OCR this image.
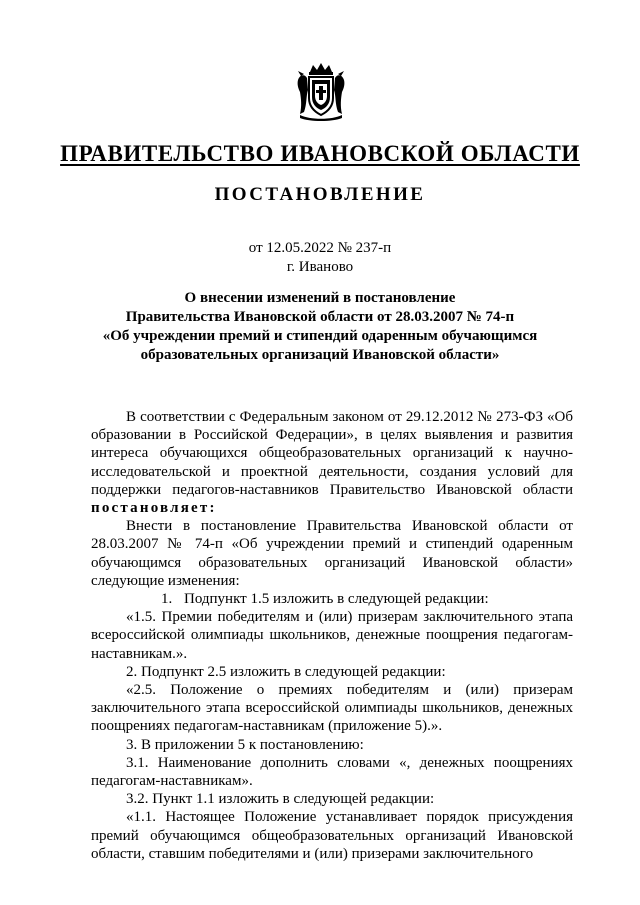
ПРАВИТЕЛЬСТВО ИВАНОВСКОЙ ОБЛАСТИ
ПОСТАНОВЛЕНИЕ
от 12.05.2022 № 237-п
г. Иваново
О внесении изменений в постановление
Правительства Ивановской области от 28.03.2007 № 74-п
«Об учреждении премий и стипендий одаренным обучающимся
образовательных организаций Ивановской области»

В соответствии с Федеральным законом от 29.12.2012 № 273-ФЗ «Об образовании в Российской Федерации», в целях выявления и развития интереса обучающихся общеобразовательных организаций к научно-исследовательской и проектной деятельности, создания условий для поддержки педагогов-наставников Правительство Ивановской области постановляет:

Внести в постановление Правительства Ивановской области от 28.03.2007 № 74-п «Об учреждении премий и стипендий одаренным обучающимся образовательных организаций Ивановской области» следующие изменения:

1. Подпункт 1.5 изложить в следующей редакции:

«1.5. Премии победителям и (или) призерам заключительного этапа всероссийской олимпиады школьников, денежные поощрения педагогам-наставникам.».

2. Подпункт 2.5 изложить в следующей редакции:

«2.5. Положение о премиях победителям и (или) призерам заключительного этапа всероссийской олимпиады школьников, денежных поощрениях педагогам-наставникам (приложение 5).».

3. В приложении 5 к постановлению:

3.1. Наименование дополнить словами «, денежных поощрениях педагогам-наставникам».

3.2. Пункт 1.1 изложить в следующей редакции:

«1.1. Настоящее Положение устанавливает порядок присуждения премий обучающимся общеобразовательных организаций Ивановской области, ставшим победителями и (или) призерами заключительного
